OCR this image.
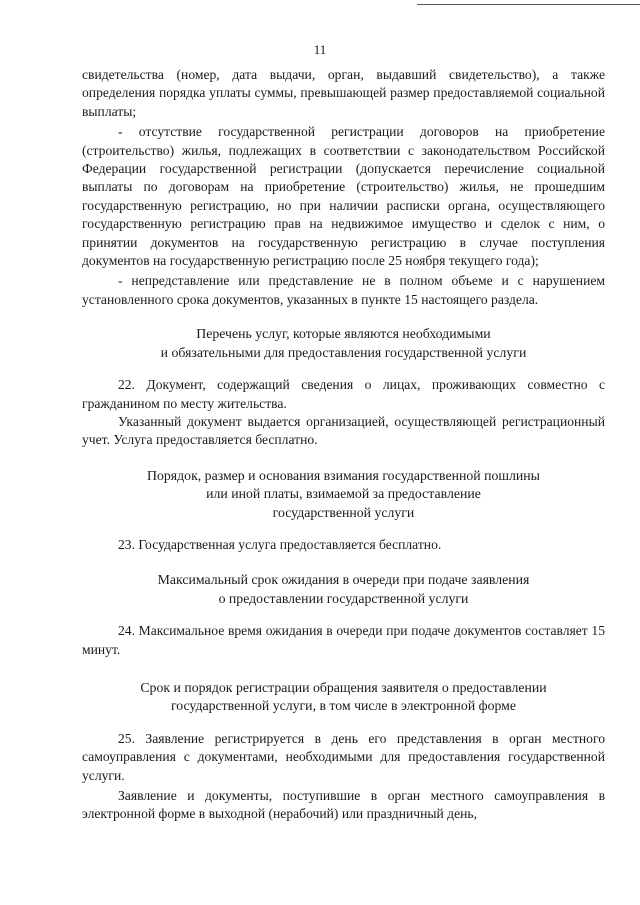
11

свидетельства (номер, дата выдачи, орган, выдавший свидетельство), а также определения порядка уплаты суммы, превышающей размер предоставляемой социальной выплаты;

- отсутствие государственной регистрации договоров на приобретение (строительство) жилья, подлежащих в соответствии с законодательством Российской Федерации государственной регистрации (допускается перечисление социальной выплаты по договорам на приобретение (строительство) жилья, не прошедшим государственную регистрацию, но при наличии расписки органа, осуществляющего государственную регистрацию прав на недвижимое имущество и сделок с ним, о принятии документов на государственную регистрацию в случае поступления документов на государственную регистрацию после 25 ноября текущего года);

- непредставление или представление не в полном объеме и с нарушением установленного срока документов, указанных в пункте 15 настоящего раздела.

Перечень услуг, которые являются необходимыми

и обязательными для предоставления государственной услуги

22. Документ, содержащий сведения о лицах, проживающих совместно с гражданином по месту жительства.

Указанный документ выдается организацией, осуществляющей регистрационный учет. Услуга предоставляется бесплатно.

Порядок, размер и основания взимания государственной пошлины

или иной платы, взимаемой за предоставление

государственной услуги

23. Государственная услуга предоставляется бесплатно.

Максимальный срок ожидания в очереди при подаче заявления

о предоставлении государственной услуги

24. Максимальное время ожидания в очереди при подаче документов составляет 15 минут.

Срок и порядок регистрации обращения заявителя о предоставлении

государственной услуги, в том числе в электронной форме

25. Заявление регистрируется в день его представления в орган местного самоуправления с документами, необходимыми для предоставления государственной услуги.

Заявление и документы, поступившие в орган местного самоуправления в электронной форме в выходной (нерабочий) или праздничный день,
